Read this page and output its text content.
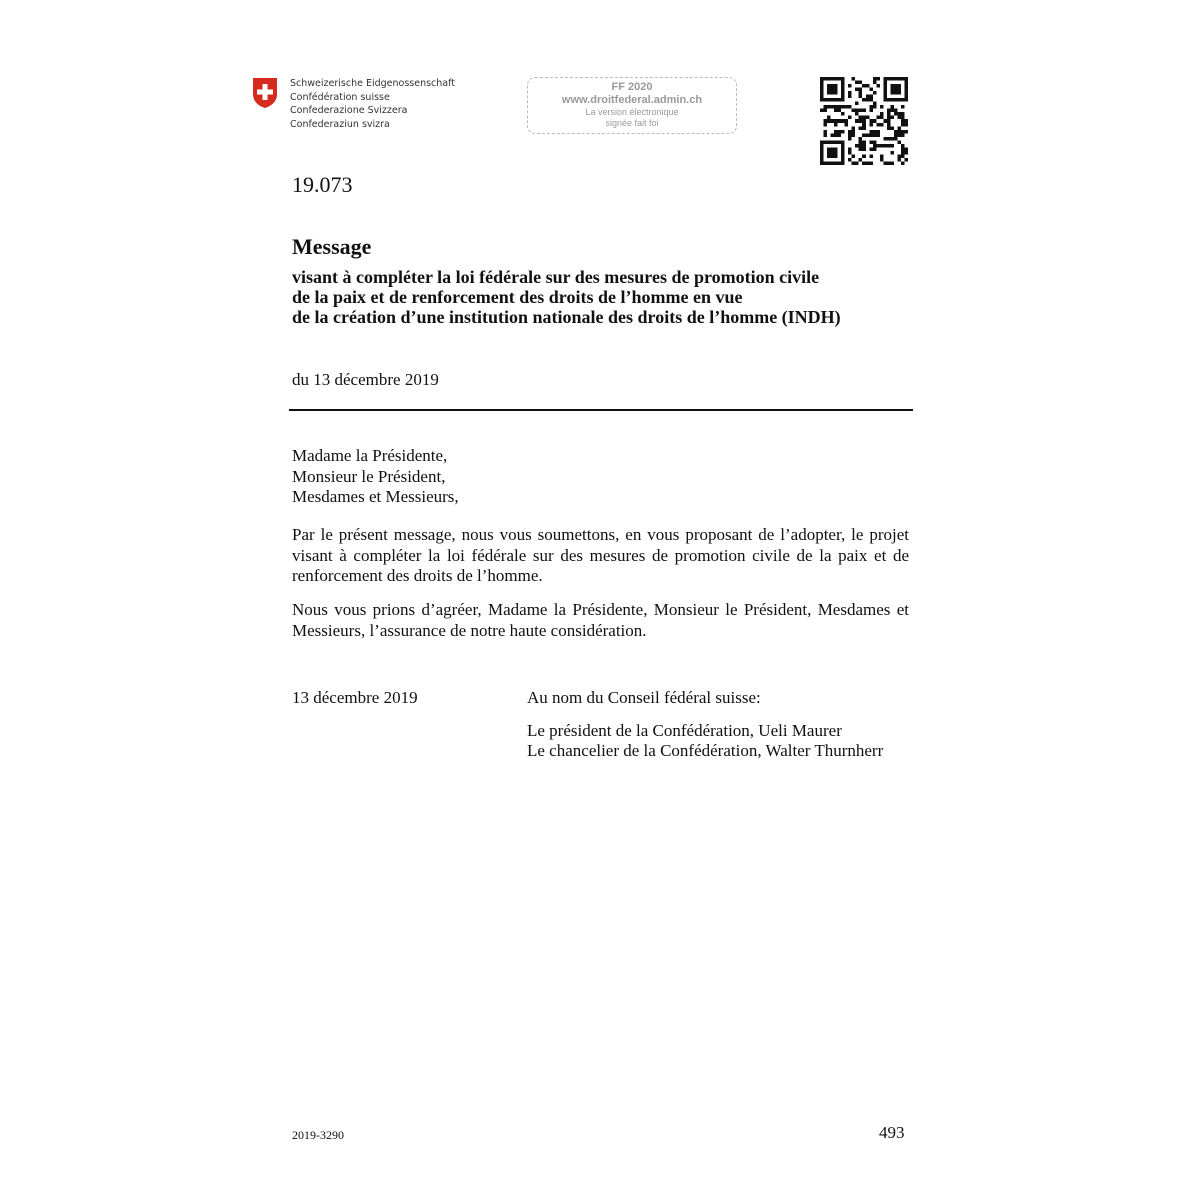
Schweizerische Eidgenossenschaft
Confédération suisse
Confederazione Svizzera
Confederaziun svizra
FF 2020
www.droitfederal.admin.ch
La version électronique
signée fait foi
19.073
Message
visant à compléter la loi fédérale sur des mesures de promotion civile
de la paix et de renforcement des droits de l’homme en vue
de la création d’une institution nationale des droits de l’homme (INDH)
du 13 décembre 2019
Madame la Présidente,
Monsieur le Président,
Mesdames et Messieurs,
Par le présent message, nous vous soumettons, en vous proposant de l’adopter, le projet visant à compléter la loi fédérale sur des mesures de promotion civile de la paix et de renforcement des droits de l’homme.
Nous vous prions d’agréer, Madame la Présidente, Monsieur le Président, Mesdames et Messieurs, l’assurance de notre haute considération.
13 décembre 2019	Au nom du Conseil fédéral suisse:
Le président de la Confédération, Ueli Maurer
Le chancelier de la Confédération, Walter Thurnherr
2019-3290	493
